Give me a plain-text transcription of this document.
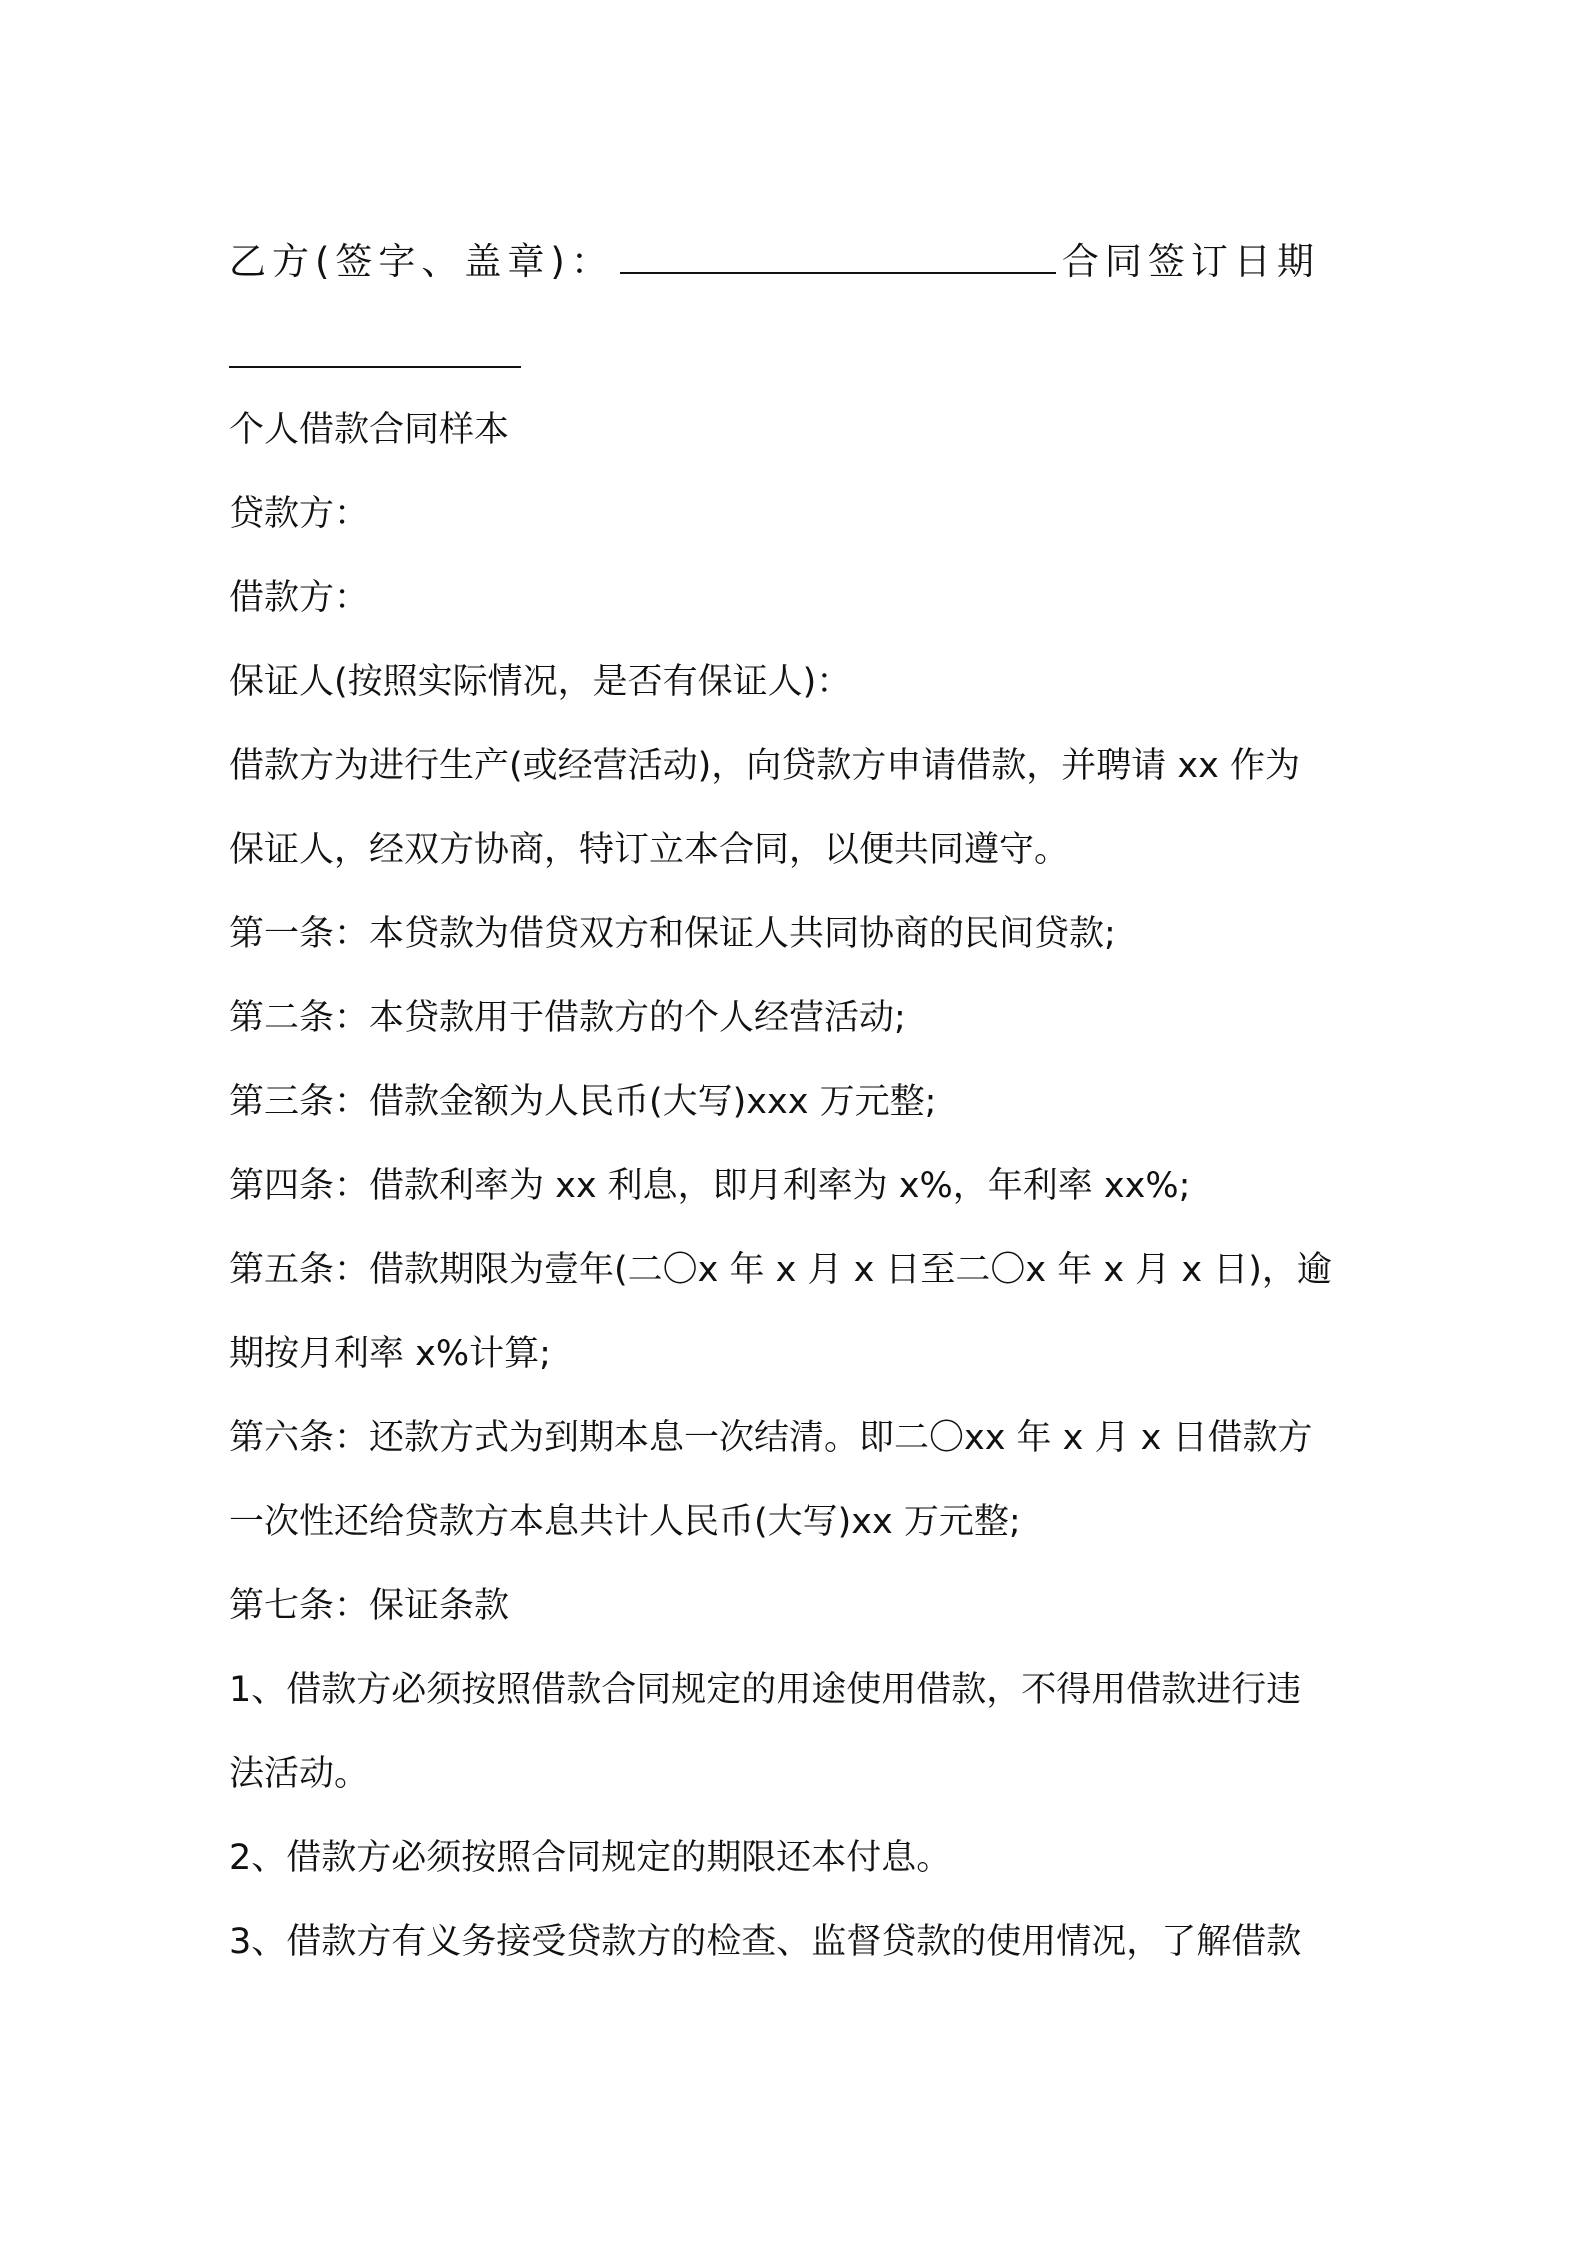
乙方(签字、盖章)：	合同签订日期
个人借款合同样本
贷款方：
借款方：
保证人(按照实际情况，是否有保证人)：
借款方为进行生产(或经营活动)，向贷款方申请借款，并聘请 xx 作为
保证人，经双方协商，特订立本合同，以便共同遵守。
第一条：本贷款为借贷双方和保证人共同协商的民间贷款;
第二条：本贷款用于借款方的个人经营活动;
第三条：借款金额为人民币(大写)xxx 万元整;
第四条：借款利率为 xx 利息，即月利率为 x%，年利率 xx%;
第五条：借款期限为壹年(二〇x 年 x 月 x 日至二〇x 年 x 月 x 日)，逾
期按月利率 x%计算;
第六条：还款方式为到期本息一次结清。即二〇xx 年 x 月 x 日借款方
一次性还给贷款方本息共计人民币(大写)xx 万元整;
第七条：保证条款
1、借款方必须按照借款合同规定的用途使用借款，不得用借款进行违
法活动。
2、借款方必须按照合同规定的期限还本付息。
3、借款方有义务接受贷款方的检查、监督贷款的使用情况，了解借款
